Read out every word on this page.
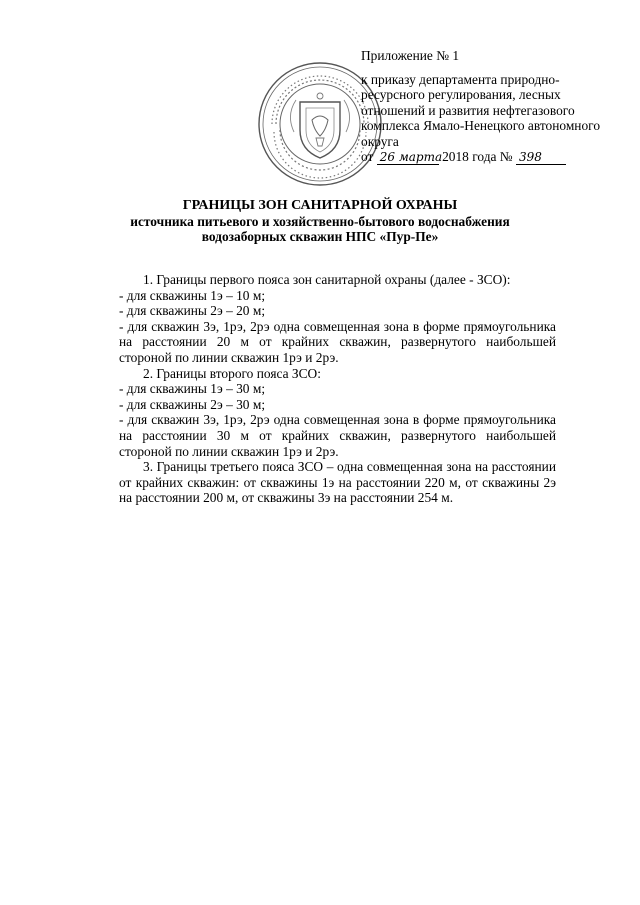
Приложение № 1
к приказу департамента природно-ресурсного регулирования, лесных отношений и развития нефтегазового комплекса Ямало-Ненецкого автономного округа
от 26 марта 2018 года № 398
ГРАНИЦЫ ЗОН САНИТАРНОЙ ОХРАНЫ
источника питьевого и хозяйственно-бытового водоснабжения
водозаборных скважин НПС «Пур-Пе»

1. Границы первого пояса зон санитарной охраны (далее - ЗСО):

- для скважины 1э – 10 м;

- для скважины 2э – 20 м;

- для скважин 3э, 1рэ, 2рэ одна совмещенная зона в форме прямоугольника на расстоянии 20 м от крайних скважин, развернутого наибольшей стороной по линии скважин 1рэ и 2рэ.

2. Границы второго пояса ЗСО:

- для скважины 1э – 30 м;

- для скважины 2э – 30 м;

- для скважин 3э, 1рэ, 2рэ одна совмещенная зона в форме прямоугольника на расстоянии 30 м от крайних скважин, развернутого наибольшей стороной по линии скважин 1рэ и 2рэ.

3. Границы третьего пояса ЗСО – одна совмещенная зона на расстоянии от крайних скважин: от скважины 1э на расстоянии 220 м, от скважины 2э на расстоянии 200 м, от скважины 3э на расстоянии 254 м.
